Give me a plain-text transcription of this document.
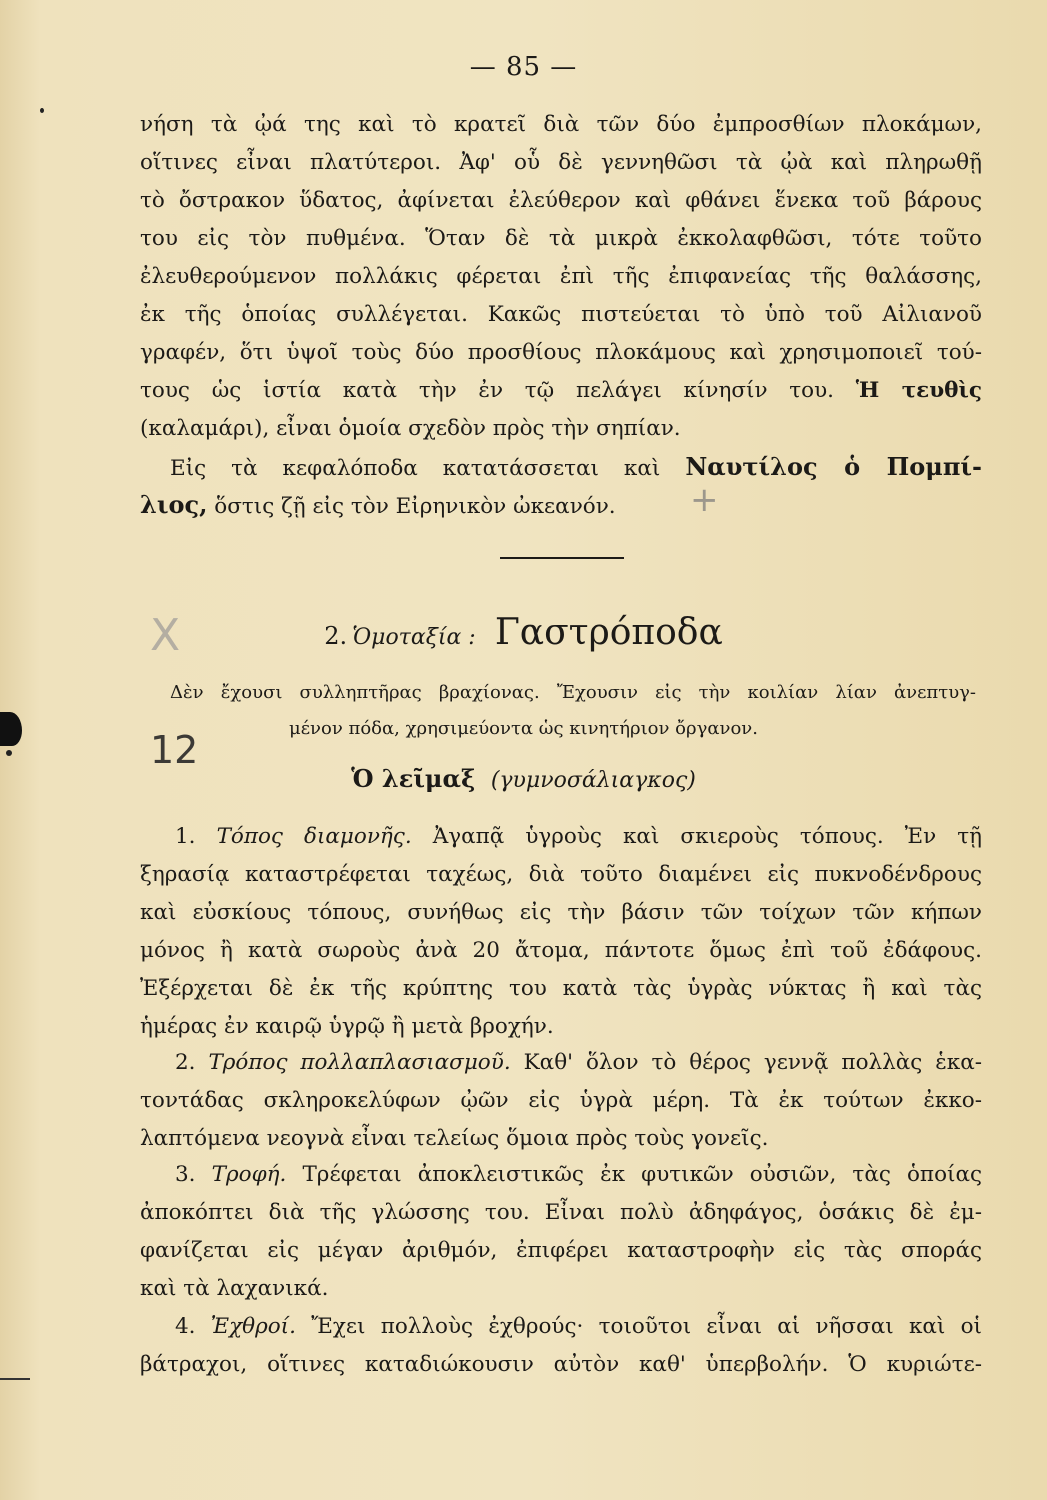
— 85 —
νήση τὰ ᾠά της καὶ τὸ κρατεῖ διὰ τῶν δύο ἐμπροσθίων πλοκάμων,
οἵτινες εἶναι πλατύτεροι. Ἀφ' οὗ δὲ γεννηθῶσι τὰ ᾠὰ καὶ πληρωθῇ
τὸ ὄστρακον ὕδατος, ἀφίνεται ἐλεύθερον καὶ φθάνει ἕνεκα τοῦ βάρους
του εἰς τὸν πυθμένα. Ὅταν δὲ τὰ μικρὰ ἐκκολαφθῶσι, τότε τοῦτο
ἐλευθερούμενον πολλάκις φέρεται ἐπὶ τῆς ἐπιφανείας τῆς θαλάσσης,
ἐκ τῆς ὁποίας συλλέγεται. Κακῶς πιστεύεται τὸ ὑπὸ τοῦ Αἰλιανοῦ
γραφέν, ὅτι ὑψοῖ τοὺς δύο προσθίους πλοκάμους καὶ χρησιμοποιεῖ τού-
τους ὡς ἱστία κατὰ τὴν ἐν τῷ πελάγει κίνησίν του. Ἡ τευθὶς
(καλαμάρι), εἶναι ὁμοία σχεδὸν πρὸς τὴν σηπίαν.
Εἰς τὰ κεφαλόποδα κατατάσσεται καὶ Ναυτίλος ὁ Πομπί-
λιος, ὅστις ζῇ εἰς τὸν Εἰρηνικὸν ὠκεανόν.
2. Ὁμοταξία : Γαστρόποδα
Δὲν ἔχουσι συλληπτῆρας βραχίονας. Ἔχουσιν εἰς τὴν κοιλίαν λίαν ἀνεπτυγ-
μένον πόδα, χρησιμεύοντα ὡς κινητήριον ὄργανον.
Ὁ λεῖμαξ (γυμνοσάλιαγκος)
1. Τόπος διαμονῆς. Ἀγαπᾷ ὑγροὺς καὶ σκιεροὺς τόπους. Ἐν τῇ
ξηρασίᾳ καταστρέφεται ταχέως, διὰ τοῦτο διαμένει εἰς πυκνοδένδρους
καὶ εὐσκίους τόπους, συνήθως εἰς τὴν βάσιν τῶν τοίχων τῶν κήπων
μόνος ἢ κατὰ σωροὺς ἀνὰ 20 ἄτομα, πάντοτε ὅμως ἐπὶ τοῦ ἐδάφους.
Ἐξέρχεται δὲ ἐκ τῆς κρύπτης του κατὰ τὰς ὑγρὰς νύκτας ἢ καὶ τὰς
ἡμέρας ἐν καιρῷ ὑγρῷ ἢ μετὰ βροχήν.
2. Τρόπος πολλαπλασιασμοῦ. Καθ' ὅλον τὸ θέρος γεννᾷ πολλὰς ἑκα-
τοντάδας σκληροκελύφων ᾠῶν εἰς ὑγρὰ μέρη. Τὰ ἐκ τούτων ἐκκο-
λαπτόμενα νεογνὰ εἶναι τελείως ὅμοια πρὸς τοὺς γονεῖς.
3. Τροφή. Τρέφεται ἀποκλειστικῶς ἐκ φυτικῶν οὐσιῶν, τὰς ὁποίας
ἀποκόπτει διὰ τῆς γλώσσης του. Εἶναι πολὺ ἀδηφάγος, ὁσάκις δὲ ἐμ-
φανίζεται εἰς μέγαν ἀριθμόν, ἐπιφέρει καταστροφὴν εἰς τὰς σποράς
καὶ τὰ λαχανικά.
4. Ἐχθροί. Ἔχει πολλοὺς ἐχθρούς· τοιοῦτοι εἶναι αἱ νῆσσαι καὶ οἱ
βάτραχοι, οἵτινες καταδιώκουσιν αὐτὸν καθ' ὑπερβολήν. Ὁ κυριώτε-
X
12
+
